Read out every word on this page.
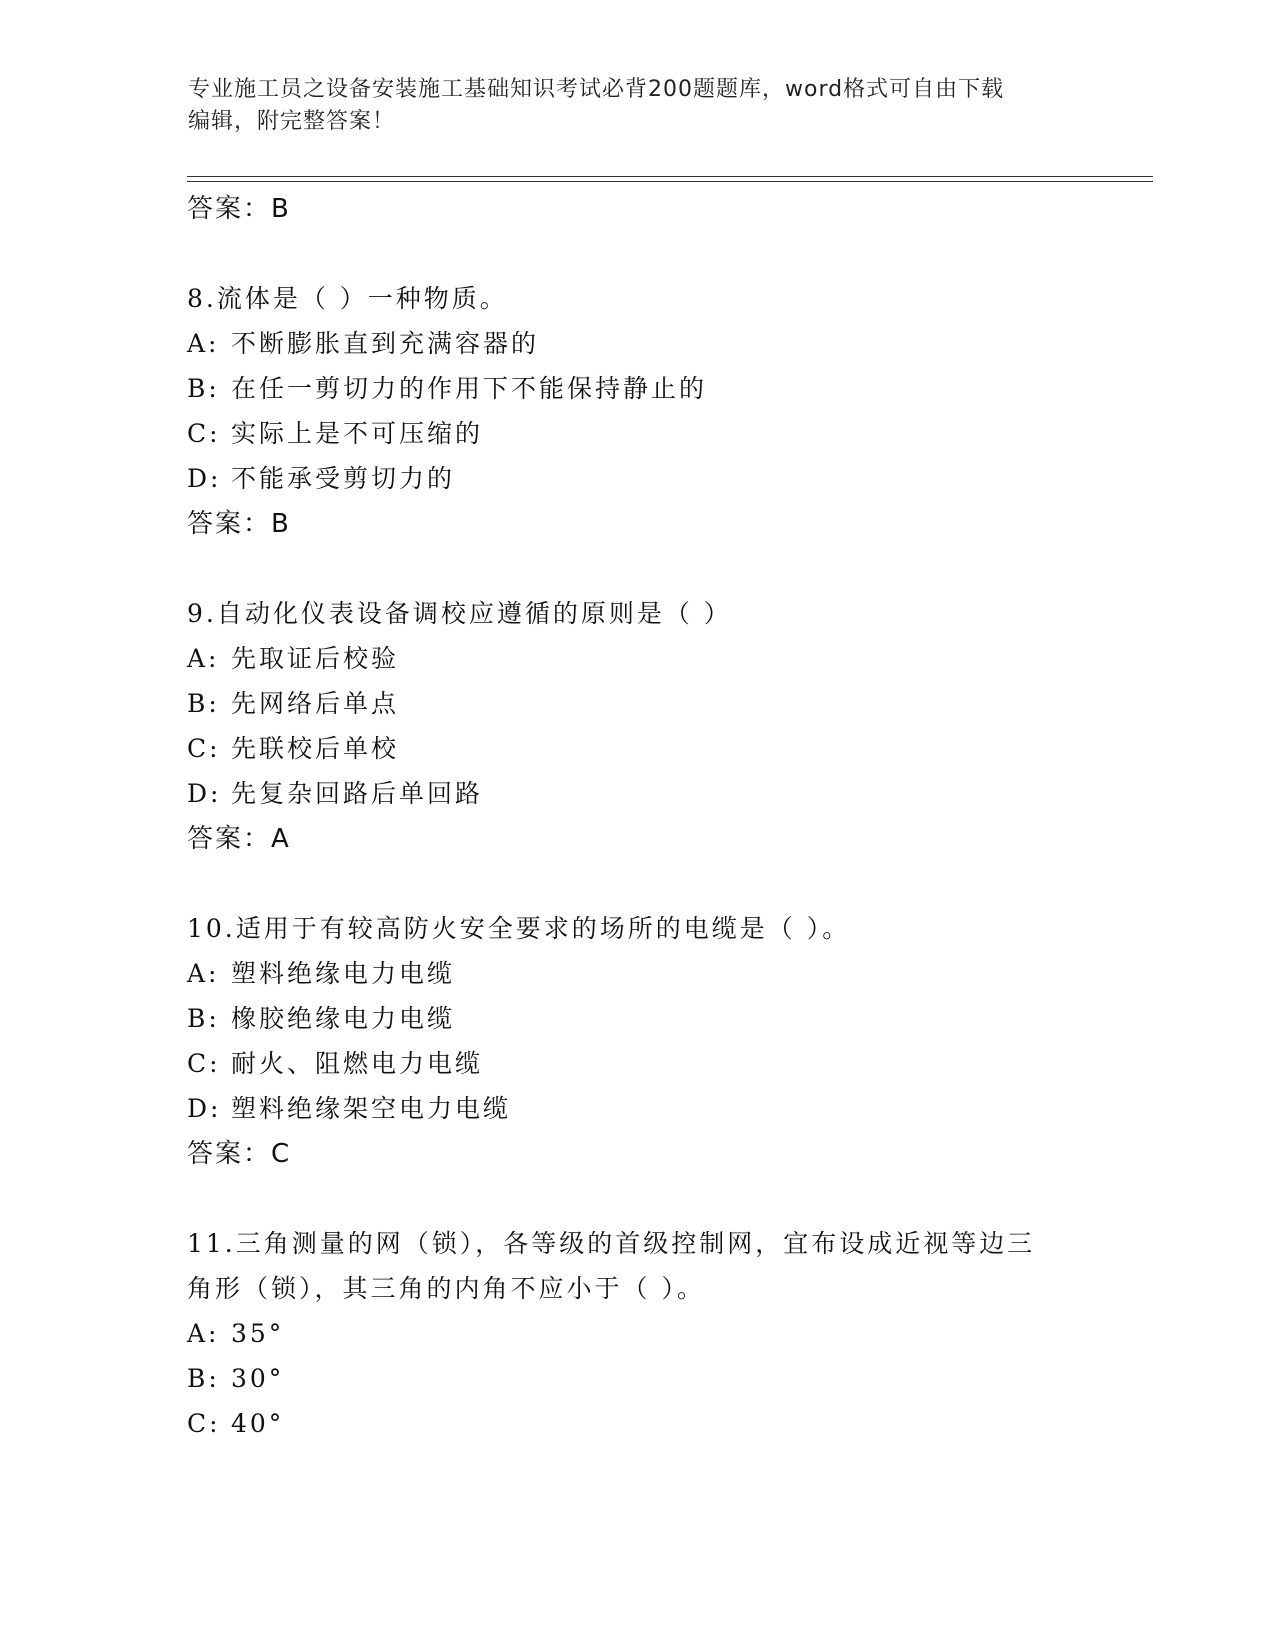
专业施工员之设备安装施工基础知识考试必背200题题库，word格式可自由下载
编辑，附完整答案！
答案：B
8.流体是（ ）一种物质。
A: 不断膨胀直到充满容器的
B: 在任一剪切力的作用下不能保持静止的
C: 实际上是不可压缩的
D: 不能承受剪切力的
答案：B
9.自动化仪表设备调校应遵循的原则是（ ）
A: 先取证后校验
B: 先网络后单点
C: 先联校后单校
D: 先复杂回路后单回路
答案：A
10.适用于有较高防火安全要求的场所的电缆是（ ）。
A: 塑料绝缘电力电缆
B: 橡胶绝缘电力电缆
C: 耐火、阻燃电力电缆
D: 塑料绝缘架空电力电缆
答案：C
11.三角测量的网（锁），各等级的首级控制网，宜布设成近视等边三
角形（锁），其三角的内角不应小于（ ）。
A: 35°
B: 30°
C: 40°
